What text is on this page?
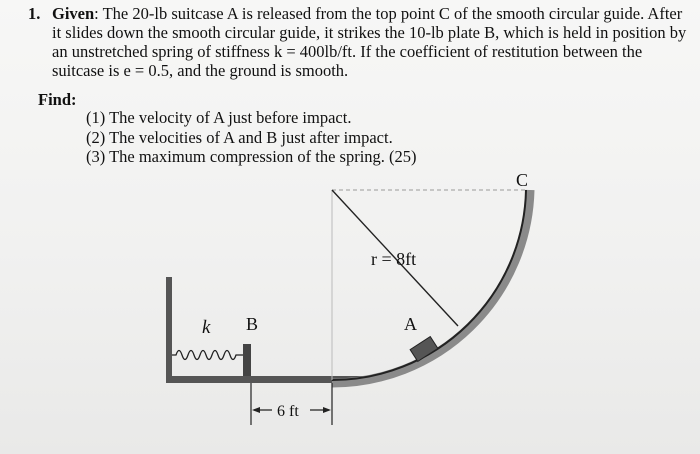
1. Given: The 20-lb suitcase A is released from the top point C of the smooth circular guide. After it slides down the smooth circular guide, it strikes the 10-lb plate B, which is held in position by an unstretched spring of stiffness k = 400lb/ft. If the coefficient of restitution between the suitcase is e = 0.5, and the ground is smooth.
Find:
(1) The velocity of A just before impact.
(2) The velocities of A and B just after impact.
(3) The maximum compression of the spring. (25)
C
r = 8ft
A
k B
6 ft
